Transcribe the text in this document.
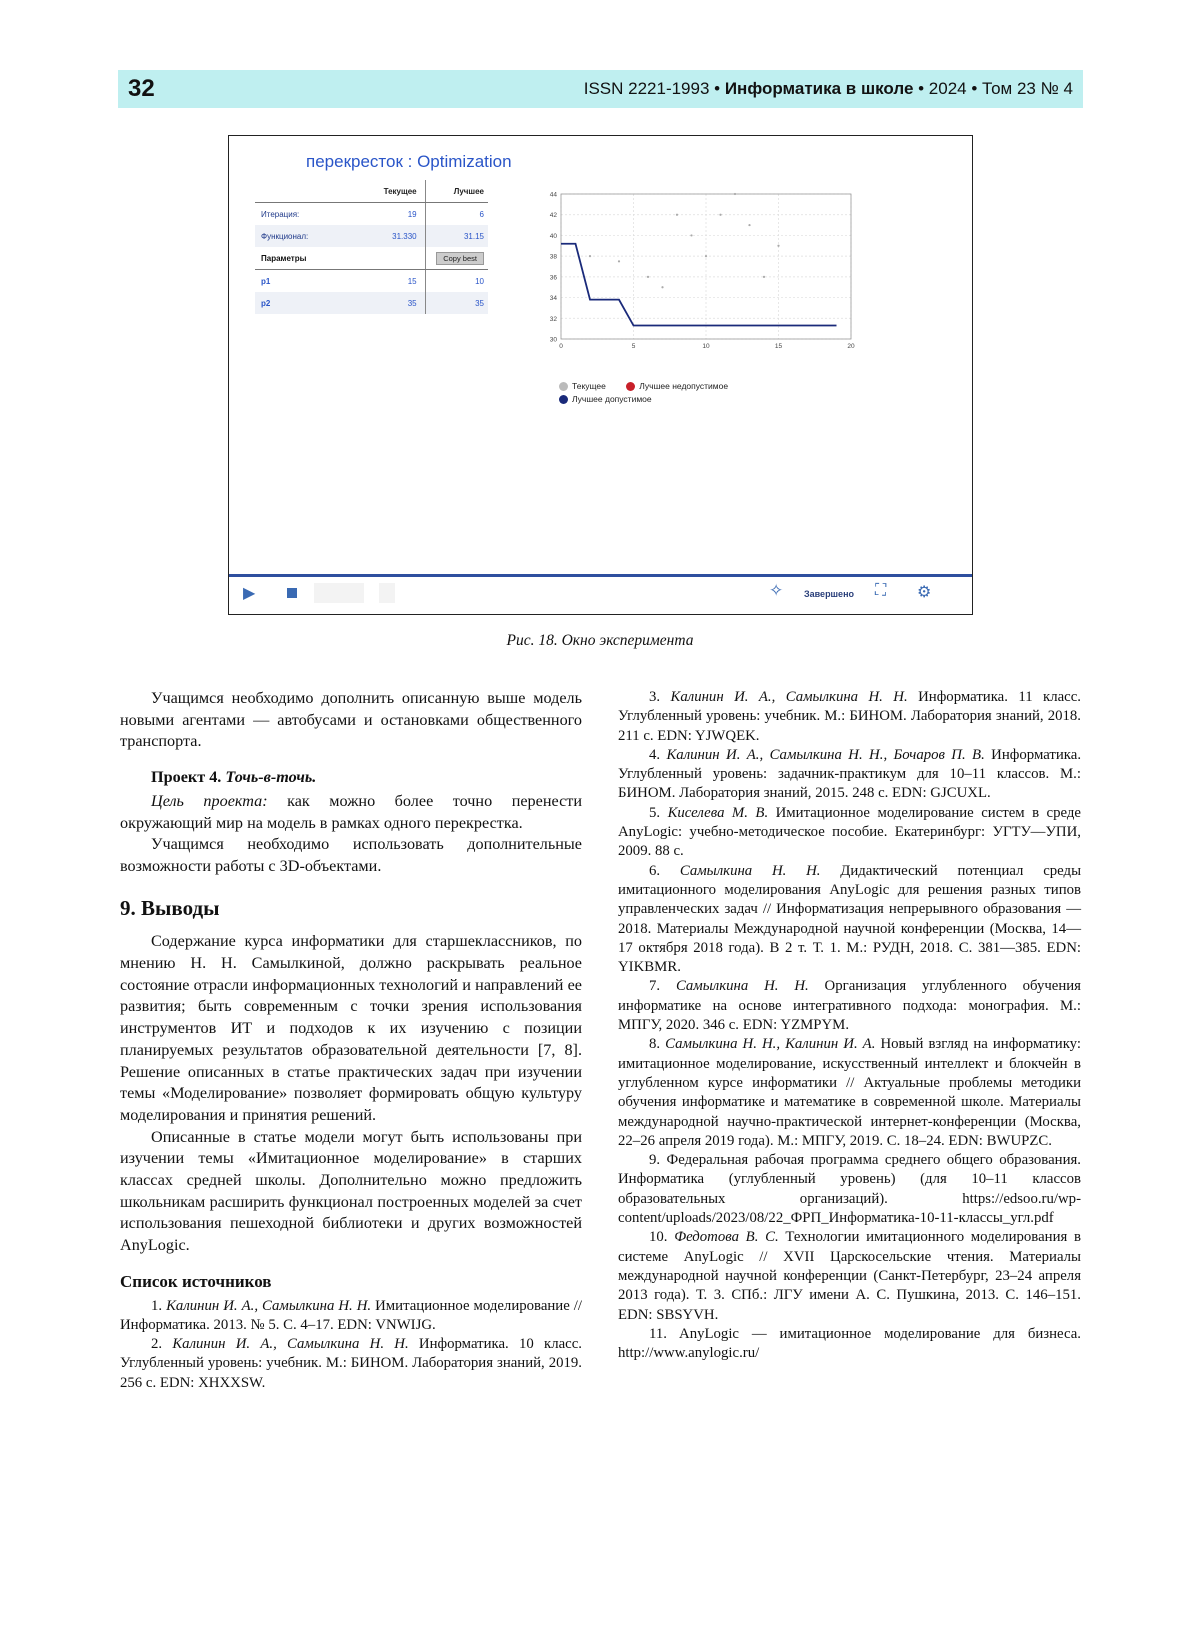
32	ISSN 2221-1993 • Информатика в школе • 2024 • Том 23 № 4
перекресток : Optimization
Текущее	Лучшее
Итерация:	19	6
Функционал:	31.330	31.15
Параметры	Copy best
p1	15	10
p2	35	35
30
32
34
36
38
40
42
44
0	5	10	15	20
Текущее
	Лучшее недопустимое
Лучшее допустимое
▶	✧ Завершено ⛶ ⚙
Рис. 18. Окно эксперимента

Учащимся необходимо дополнить описанную выше модель новыми агентами — автобусами и остановками общественного транспорта.

Проект 4. Точь-в-точь.

Цель проекта: как можно более точно перенести окружающий мир на модель в рамках одного перекрестка.

Учащимся необходимо использовать дополнительные возможности работы с 3D-объектами.

9. Выводы

Содержание курса информатики для старшеклассников, по мнению Н. Н. Самылкиной, должно раскрывать реальное состояние отрасли информационных технологий и направлений ее развития; быть современным с точки зрения использования инструментов ИТ и подходов к их изучению с позиции планируемых результатов образовательной деятельности [7, 8]. Решение описанных в статье практических задач при изучении темы «Моделирование» позволяет формировать общую культуру моделирования и принятия решений.

Описанные в статье модели могут быть использованы при изучении темы «Имитационное моделирование» в старших классах средней школы. Дополнительно можно предложить школьникам расширить функционал построенных моделей за счет использования пешеходной библиотеки и других возможностей AnyLogic.

Список источников

1. Калинин И. А., Самылкина Н. Н. Имитационное моделирование // Информатика. 2013. № 5. С. 4–17. EDN: VNWIJG.

2. Калинин И. А., Самылкина Н. Н. Информатика. 10 класс. Углубленный уровень: учебник. М.: БИНОМ. Лаборатория знаний, 2019. 256 с. EDN: XHXXSW.

3. Калинин И. А., Самылкина Н. Н. Информатика. 11 класс. Углубленный уровень: учебник. М.: БИНОМ. Лаборатория знаний, 2018. 211 с. EDN: YJWQEK.

4. Калинин И. А., Самылкина Н. Н., Бочаров П. В. Информатика. Углубленный уровень: задачник-практикум для 10–11 классов. М.: БИНОМ. Лаборатория знаний, 2015. 248 с. EDN: GJCUXL.

5. Киселева М. В. Имитационное моделирование систем в среде AnyLogic: учебно-методическое пособие. Екатеринбург: УГТУ—УПИ, 2009. 88 с.

6. Самылкина Н. Н. Дидактический потенциал среды имитационного моделирования AnyLogic для решения разных типов управленческих задач // Информатизация непрерывного образования — 2018. Материалы Международной научной конференции (Москва, 14—17 октября 2018 года). В 2 т. Т. 1. М.: РУДН, 2018. С. 381—385. EDN: YIKBMR.

7. Самылкина Н. Н. Организация углубленного обучения информатике на основе интегративного подхода: монография. М.: МПГУ, 2020. 346 с. EDN: YZMPYM.

8. Самылкина Н. Н., Калинин И. А. Новый взгляд на информатику: имитационное моделирование, искусственный интеллект и блокчейн в углубленном курсе информатики // Актуальные проблемы методики обучения информатике и математике в современной школе. Материалы международной научно-практической интернет-конференции (Москва, 22–26 апреля 2019 года). М.: МПГУ, 2019. С. 18–24. EDN: BWUPZC.

9. Федеральная рабочая программа среднего общего образования. Информатика (углубленный уровень) (для 10–11 классов образовательных организаций). https://edsoo.ru/wp-content/uploads/2023/08/22_ФРП_Информатика-10-11-классы_угл.pdf

10. Федотова В. С. Технологии имитационного моделирования в системе AnyLogic // XVII Царскосельские чтения. Материалы международной научной конференции (Санкт-Петербург, 23–24 апреля 2013 года). Т. 3. СПб.: ЛГУ имени А. С. Пушкина, 2013. С. 146–151. EDN: SBSYVH.

11. AnyLogic — имитационное моделирование для бизнеса. http://www.anylogic.ru/
